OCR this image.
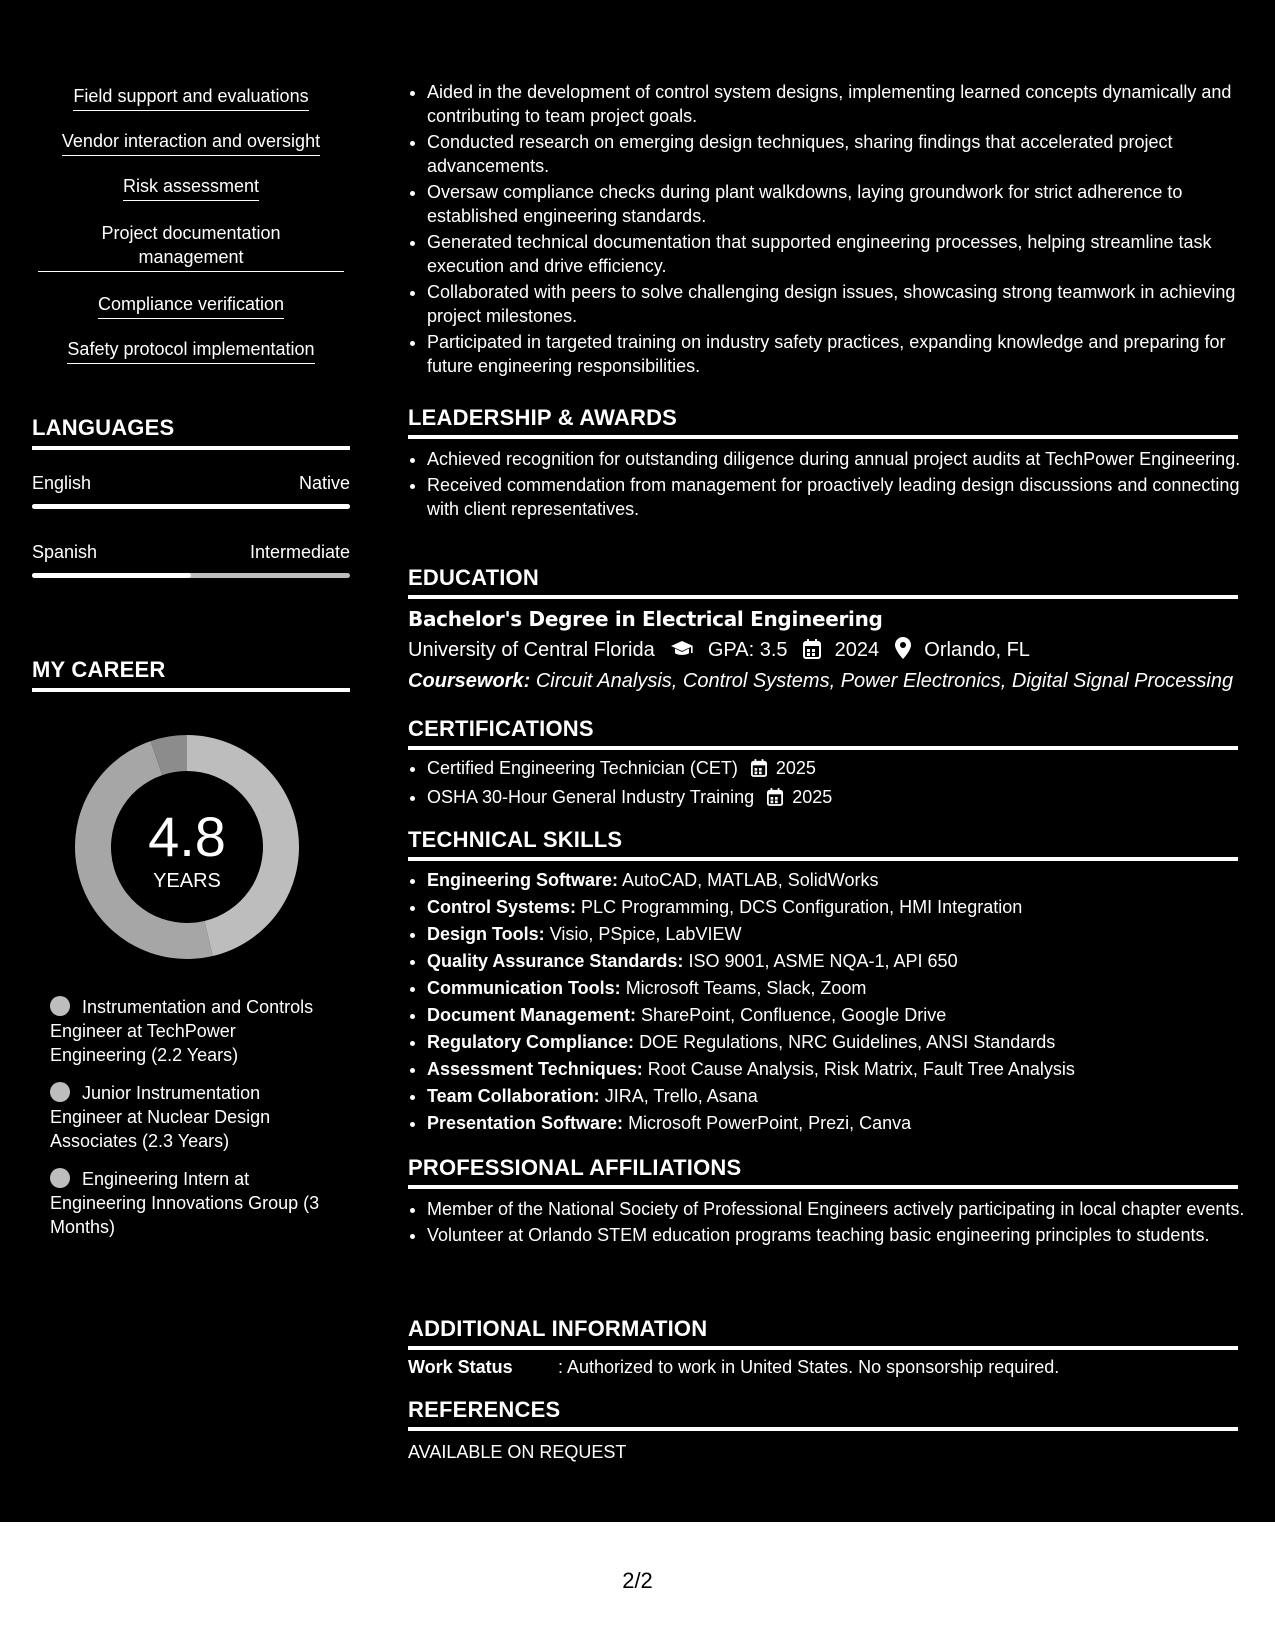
Field support and evaluations
Vendor interaction and oversight
Risk assessment
Project documentation management
Compliance verification
Safety protocol implementation
LANGUAGES
English	Native
Spanish	Intermediate
MY CAREER
4.8
YEARS
Instrumentation and Controls Engineer at TechPower Engineering (2.2 Years)
Junior Instrumentation Engineer at Nuclear Design Associates (2.3 Years)
Engineering Intern at Engineering Innovations Group (3 Months)
• Aided in the development of control system designs, implementing learned concepts dynamically and contributing to team project goals.
• Conducted research on emerging design techniques, sharing findings that accelerated project advancements.
• Oversaw compliance checks during plant walkdowns, laying groundwork for strict adherence to established engineering standards.
• Generated technical documentation that supported engineering processes, helping streamline task execution and drive efficiency.
• Collaborated with peers to solve challenging design issues, showcasing strong teamwork in achieving project milestones.
• Participated in targeted training on industry safety practices, expanding knowledge and preparing for future engineering responsibilities.
LEADERSHIP & AWARDS
• Achieved recognition for outstanding diligence during annual project audits at TechPower Engineering.
• Received commendation from management for proactively leading design discussions and connecting with client representatives.
EDUCATION
Bachelor's Degree in Electrical Engineering
University of Central Florida	GPA: 3.5 2024 Orlando, FL
Coursework: Circuit Analysis, Control Systems, Power Electronics, Digital Signal Processing
CERTIFICATIONS
• Certified Engineering Technician (CET) 2025
• OSHA 30-Hour General Industry Training 2025
TECHNICAL SKILLS
• Engineering Software: AutoCAD, MATLAB, SolidWorks
• Control Systems: PLC Programming, DCS Configuration, HMI Integration
• Design Tools: Visio, PSpice, LabVIEW
• Quality Assurance Standards: ISO 9001, ASME NQA-1, API 650
• Communication Tools: Microsoft Teams, Slack, Zoom
• Document Management: SharePoint, Confluence, Google Drive
• Regulatory Compliance: DOE Regulations, NRC Guidelines, ANSI Standards
• Assessment Techniques: Root Cause Analysis, Risk Matrix, Fault Tree Analysis
• Team Collaboration: JIRA, Trello, Asana
• Presentation Software: Microsoft PowerPoint, Prezi, Canva
PROFESSIONAL AFFILIATIONS
• Member of the National Society of Professional Engineers actively participating in local chapter events.
• Volunteer at Orlando STEM education programs teaching basic engineering principles to students.
ADDITIONAL INFORMATION
Work Status	: Authorized to work in United States. No sponsorship required.
REFERENCES
AVAILABLE ON REQUEST
2/2
